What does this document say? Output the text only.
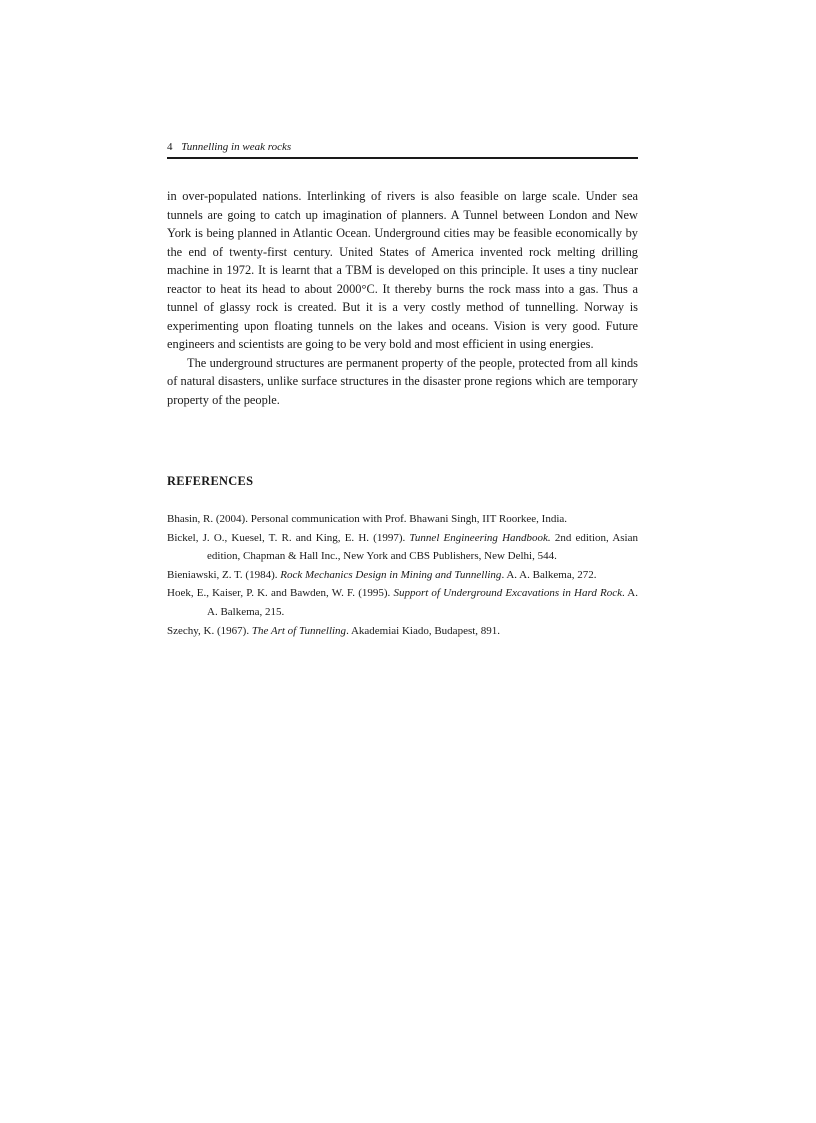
4 Tunnelling in weak rocks

in over-populated nations. Interlinking of rivers is also feasible on large scale. Under sea tunnels are going to catch up imagination of planners. A Tunnel between London and New York is being planned in Atlantic Ocean. Underground cities may be feasible economically by the end of twenty-first century. United States of America invented rock melting drilling machine in 1972. It is learnt that a TBM is developed on this principle. It uses a tiny nuclear reactor to heat its head to about 2000°C. It thereby burns the rock mass into a gas. Thus a tunnel of glassy rock is created. But it is a very costly method of tunnelling. Norway is experimenting upon floating tunnels on the lakes and oceans. Vision is very good. Future engineers and scientists are going to be very bold and most efficient in using energies.

The underground structures are permanent property of the people, protected from all kinds of natural disasters, unlike surface structures in the disaster prone regions which are temporary property of the people.

REFERENCES
Bhasin, R. (2004). Personal communication with Prof. Bhawani Singh, IIT Roorkee, India.
Bickel, J. O., Kuesel, T. R. and King, E. H. (1997). Tunnel Engineering Handbook. 2nd edition, Asian edition, Chapman & Hall Inc., New York and CBS Publishers, New Delhi, 544.
Bieniawski, Z. T. (1984). Rock Mechanics Design in Mining and Tunnelling. A. A. Balkema, 272.
Hoek, E., Kaiser, P. K. and Bawden, W. F. (1995). Support of Underground Excavations in Hard Rock. A. A. Balkema, 215.
Szechy, K. (1967). The Art of Tunnelling. Akademiai Kiado, Budapest, 891.
